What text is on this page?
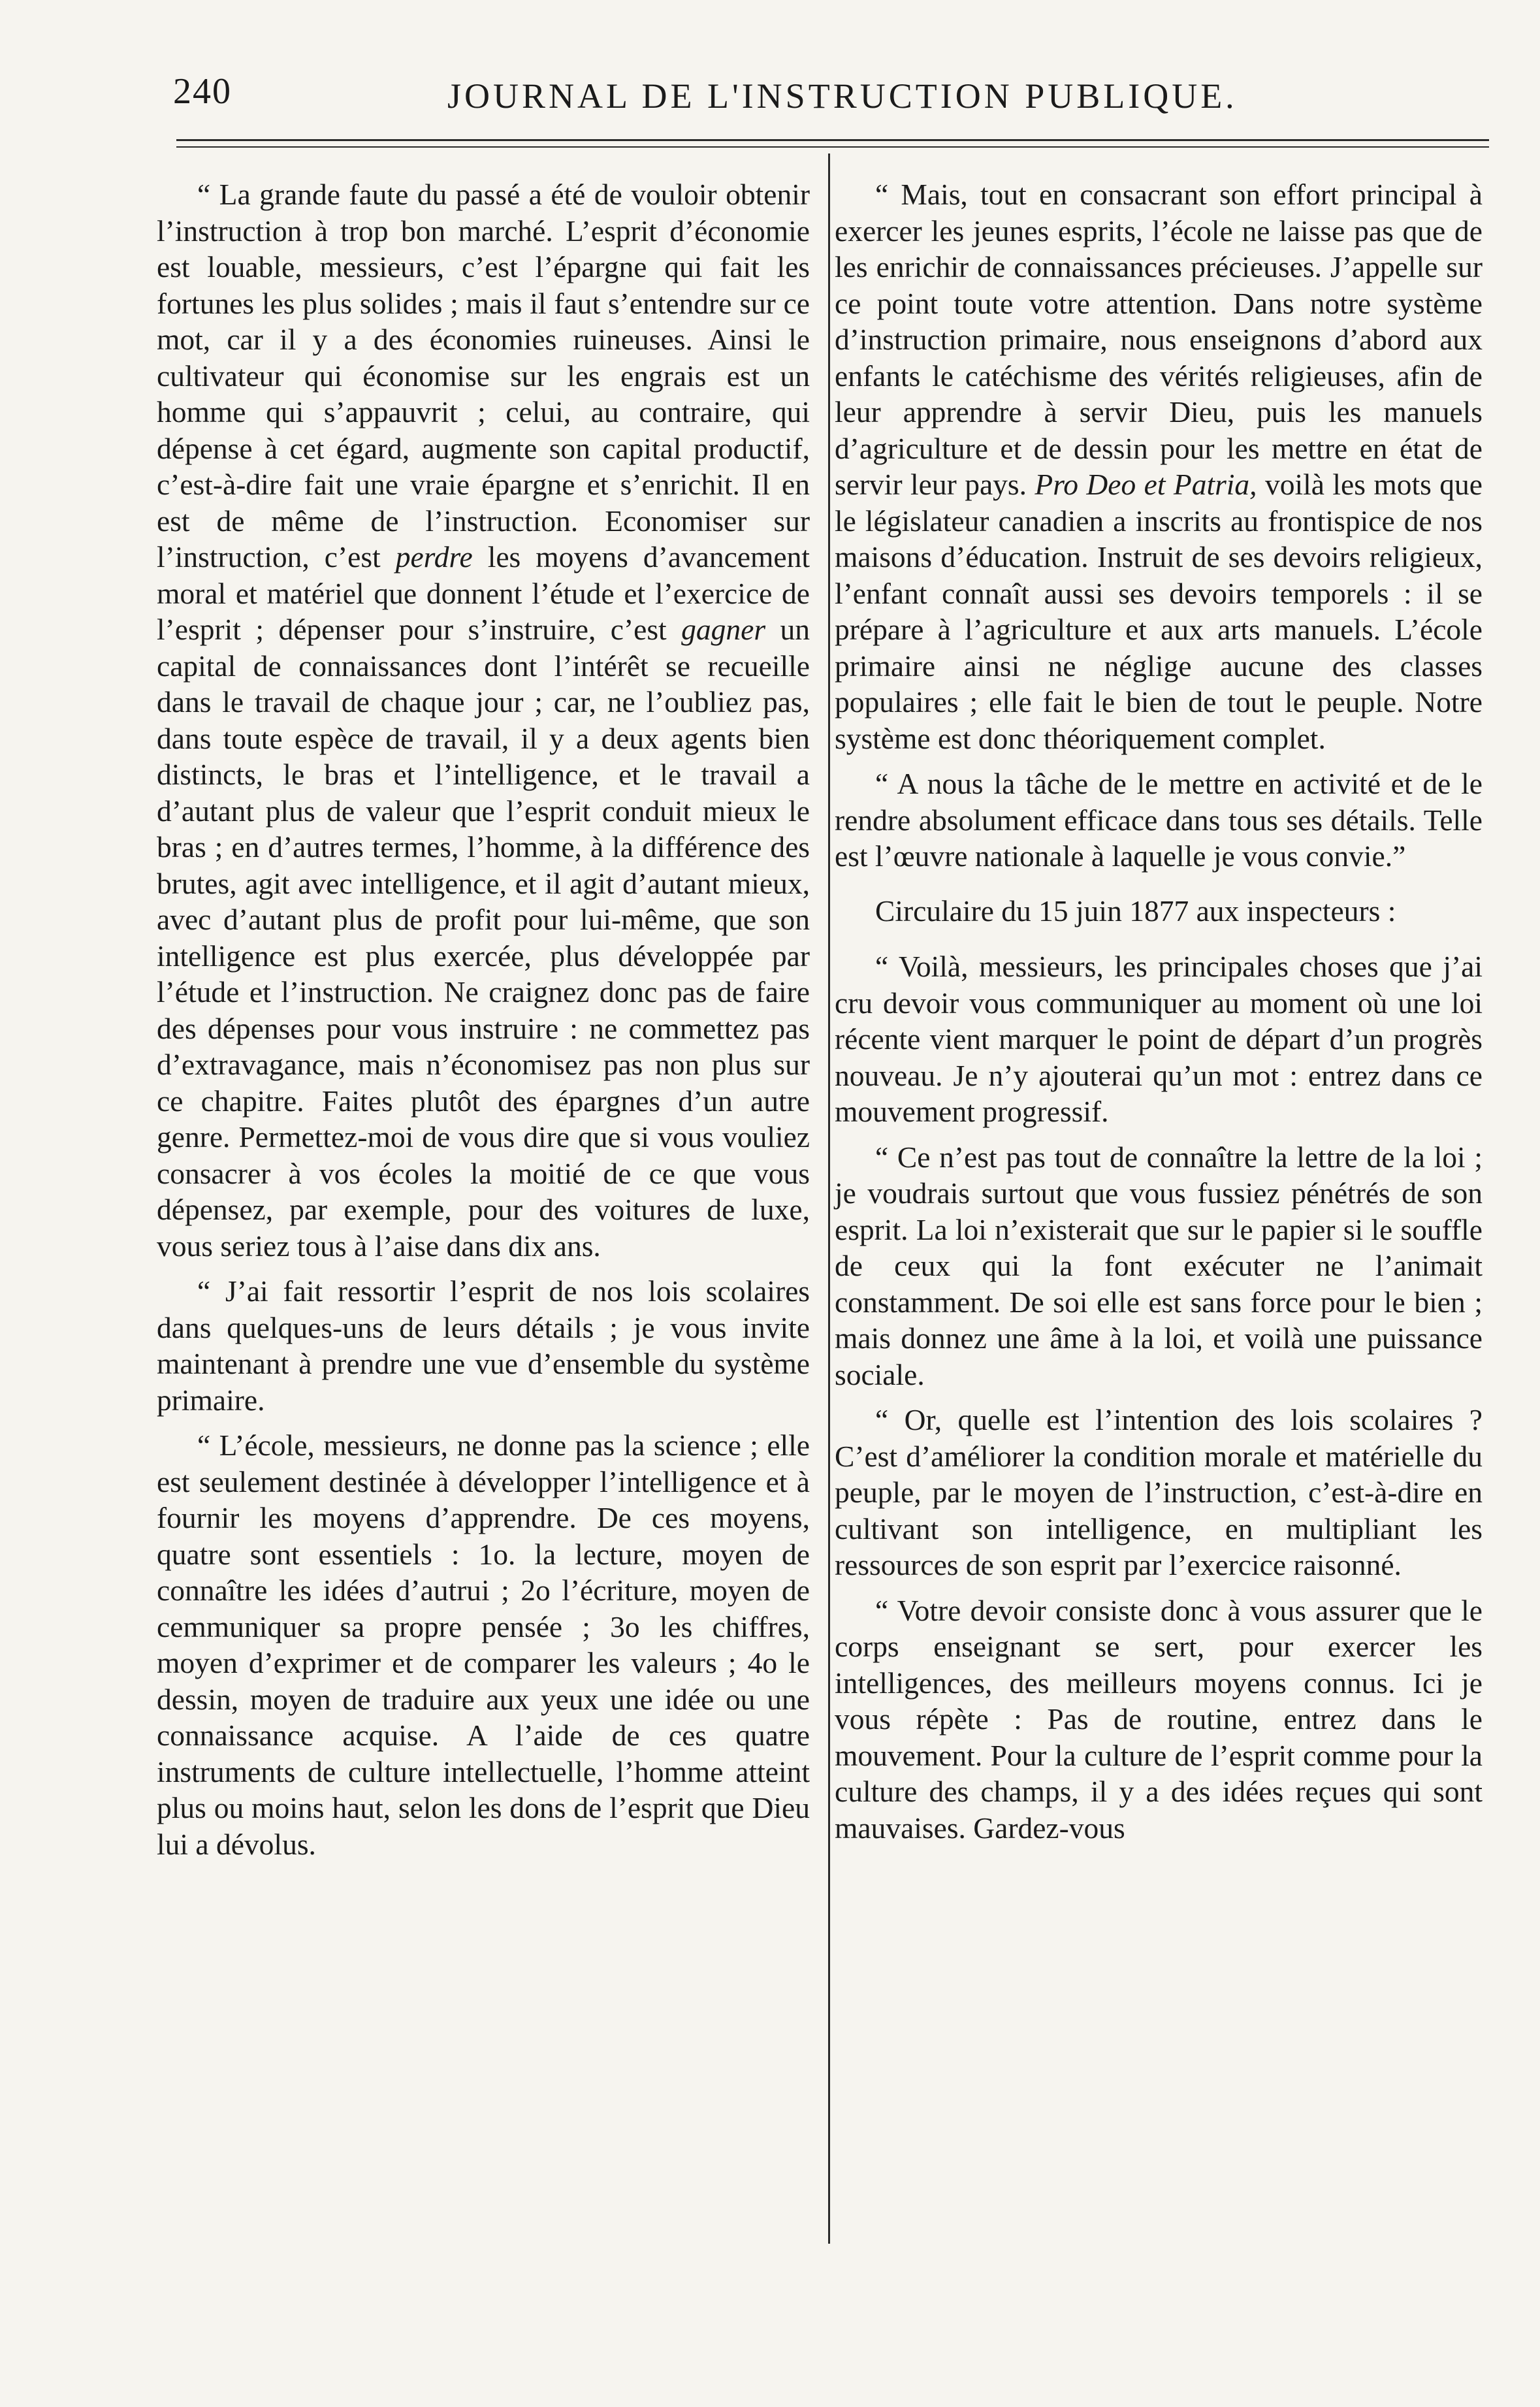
240	JOURNAL DE L'INSTRUCTION PUBLIQUE.

“ La grande faute du passé a été de vouloir obtenir l’instruction à trop bon marché. L’esprit d’économie est louable, messieurs, c’est l’épargne qui fait les fortunes les plus solides ; mais il faut s’entendre sur ce mot, car il y a des économies ruineuses. Ainsi le cultivateur qui économise sur les engrais est un homme qui s’appauvrit ; celui, au contraire, qui dépense à cet égard, augmente son capital productif, c’est-à-dire fait une vraie épargne et s’enrichit. Il en est de même de l’instruction. Economiser sur l’instruction, c’est perdre les moyens d’avancement moral et matériel que donnent l’étude et l’exercice de l’esprit ; dépenser pour s’instruire, c’est gagner un capital de connaissances dont l’intérêt se recueille dans le travail de chaque jour ; car, ne l’oubliez pas, dans toute espèce de travail, il y a deux agents bien distincts, le bras et l’intelligence, et le travail a d’autant plus de valeur que l’esprit conduit mieux le bras ; en d’autres termes, l’homme, à la différence des brutes, agit avec intelligence, et il agit d’autant mieux, avec d’autant plus de profit pour lui-même, que son intelligence est plus exercée, plus développée par l’étude et l’instruction. Ne craignez donc pas de faire des dépenses pour vous instruire : ne commettez pas d’extravagance, mais n’économisez pas non plus sur ce chapitre. Faites plutôt des épargnes d’un autre genre. Permettez-moi de vous dire que si vous vouliez consacrer à vos écoles la moitié de ce que vous dépensez, par exemple, pour des voitures de luxe, vous seriez tous à l’aise dans dix ans.

“ J’ai fait ressortir l’esprit de nos lois scolaires dans quelques-uns de leurs détails ; je vous invite maintenant à prendre une vue d’ensemble du système primaire.

“ L’école, messieurs, ne donne pas la science ; elle est seulement destinée à développer l’intelligence et à fournir les moyens d’apprendre. De ces moyens, quatre sont essentiels : 1o. la lecture, moyen de connaître les idées d’autrui ; 2o l’écriture, moyen de cemmuniquer sa propre pensée ; 3o les chiffres, moyen d’exprimer et de comparer les valeurs ; 4o le dessin, moyen de traduire aux yeux une idée ou une connaissance acquise. A l’aide de ces quatre instruments de culture intellectuelle, l’homme atteint plus ou moins haut, selon les dons de l’esprit que Dieu lui a dévolus.

“ Mais, tout en consacrant son effort principal à exercer les jeunes esprits, l’école ne laisse pas que de les enrichir de connaissances précieuses. J’appelle sur ce point toute votre attention. Dans notre système d’instruction primaire, nous enseignons d’abord aux enfants le catéchisme des vérités religieuses, afin de leur apprendre à servir Dieu, puis les manuels d’agriculture et de dessin pour les mettre en état de servir leur pays. Pro Deo et Patria, voilà les mots que le législateur canadien a inscrits au frontispice de nos maisons d’éducation. Instruit de ses devoirs religieux, l’enfant connaît aussi ses devoirs temporels : il se prépare à l’agriculture et aux arts manuels. L’école primaire ainsi ne néglige aucune des classes populaires ; elle fait le bien de tout le peuple. Notre système est donc théoriquement complet.

“ A nous la tâche de le mettre en activité et de le rendre absolument efficace dans tous ses détails. Telle est l’œuvre nationale à laquelle je vous convie.”

Circulaire du 15 juin 1877 aux inspecteurs :

“ Voilà, messieurs, les principales choses que j’ai cru devoir vous communiquer au moment où une loi récente vient marquer le point de départ d’un progrès nouveau. Je n’y ajouterai qu’un mot : entrez dans ce mouvement progressif.

“ Ce n’est pas tout de connaître la lettre de la loi ; je voudrais surtout que vous fussiez pénétrés de son esprit. La loi n’existerait que sur le papier si le souffle de ceux qui la font exécuter ne l’animait constamment. De soi elle est sans force pour le bien ; mais donnez une âme à la loi, et voilà une puissance sociale.

“ Or, quelle est l’intention des lois scolaires ? C’est d’améliorer la condition morale et matérielle du peuple, par le moyen de l’instruction, c’est-à-dire en cultivant son intelligence, en multipliant les ressources de son esprit par l’exercice raisonné.

“ Votre devoir consiste donc à vous assurer que le corps enseignant se sert, pour exercer les intelligences, des meilleurs moyens connus. Ici je vous répète : Pas de routine, entrez dans le mouvement. Pour la culture de l’esprit comme pour la culture des champs, il y a des idées reçues qui sont mauvaises. Gardez-vous
